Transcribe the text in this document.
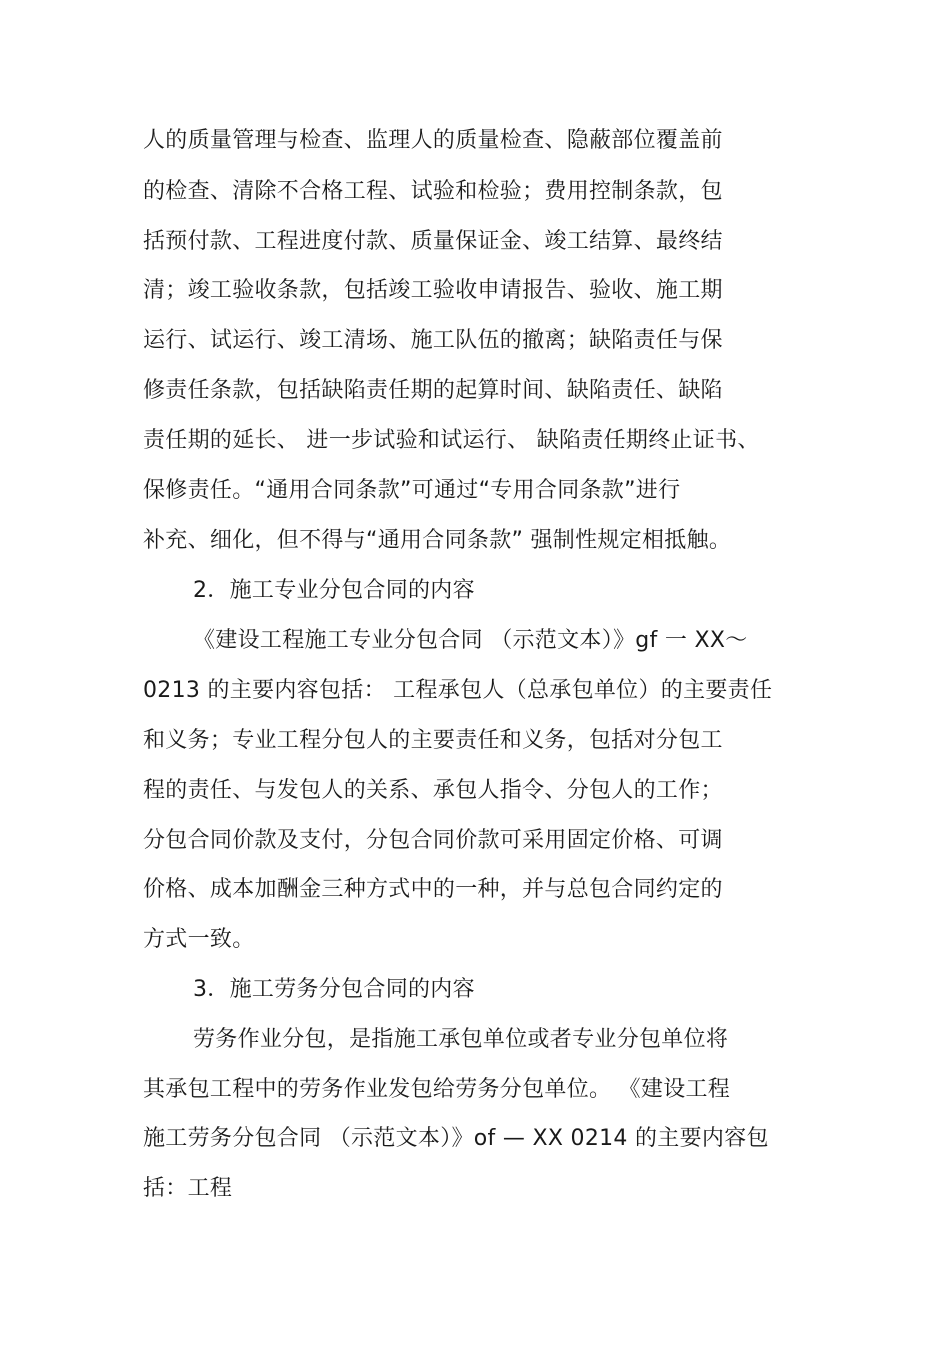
人的质量管理与检查、监理人的质量检查、隐蔽部位覆盖前
的检查、清除不合格工程、试验和检验；费用控制条款，包
括预付款、工程进度付款、质量保证金、竣工结算、最终结
清；竣工验收条款，包括竣工验收申请报告、验收、施工期
运行、试运行、竣工清场、施工队伍的撤离；缺陷责任与保
修责任条款，包括缺陷责任期的起算时间、缺陷责任、缺陷
责任期的延长、 进一步试验和试运行、 缺陷责任期终止证书、
保修责任。“通用合同条款”可通过“专用合同条款”进行
补充、细化，但不得与“通用合同条款” 强制性规定相抵触。
2．施工专业分包合同的内容
《建设工程施工专业分包合同 （示范文本）》gf 一 XX～
0213 的主要内容包括： 工程承包人（总承包单位）的主要责任
和义务；专业工程分包人的主要责任和义务，包括对分包工
程的责任、与发包人的关系、承包人指令、分包人的工作；
分包合同价款及支付，分包合同价款可采用固定价格、可调
价格、成本加酬金三种方式中的一种，并与总包合同约定的
方式一致。
3．施工劳务分包合同的内容
劳务作业分包，是指施工承包单位或者专业分包单位将
其承包工程中的劳务作业发包给劳务分包单位。 《建设工程
施工劳务分包合同 （示范文本）》of — XX 0214 的主要内容包
括：工程
